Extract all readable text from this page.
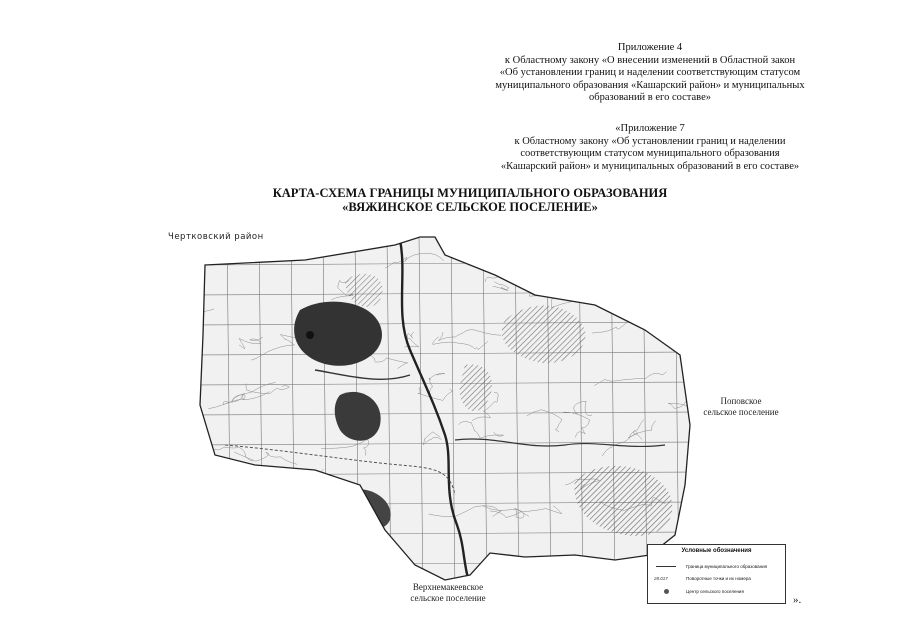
Приложение 4
к Областному закону «О внесении изменений в Областной закон
«Об установлении границ и наделении соответствующим статусом
муниципального образования «Кашарский район» и муниципальных
образований в его составе»
«Приложение 7
к Областному закону «Об установлении границ и наделении
соответствующим статусом муниципального образования
«Кашарский район» и муниципальных образований в его составе»
КАРТА-СХЕМА ГРАНИЦЫ МУНИЦИПАЛЬНОГО ОБРАЗОВАНИЯ
«ВЯЖИНСКОЕ СЕЛЬСКОЕ ПОСЕЛЕНИЕ»
Чертковский район
Поповское
сельское поселение
Верхнемакеевское
сельское поселение
Условные обозначения
Граница муниципального образования
28.017	Поворотные точки и их номера
Центр сельского поселения
».
